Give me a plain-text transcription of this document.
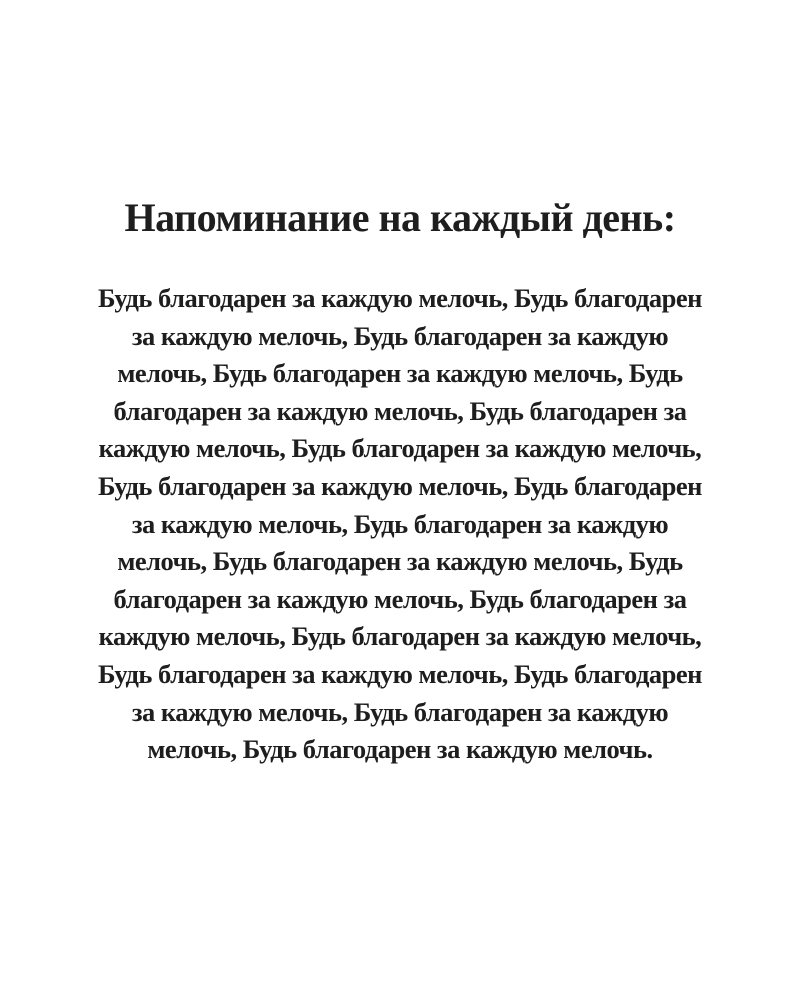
Напоминание на каждый день:
Будь благодарен за каждую мелочь, Будь благодарен
за каждую мелочь, Будь благодарен за каждую
мелочь, Будь благодарен за каждую мелочь, Будь
благодарен за каждую мелочь, Будь благодарен за
каждую мелочь, Будь благодарен за каждую мелочь,
Будь благодарен за каждую мелочь, Будь благодарен
за каждую мелочь, Будь благодарен за каждую
мелочь, Будь благодарен за каждую мелочь, Будь
благодарен за каждую мелочь, Будь благодарен за
каждую мелочь, Будь благодарен за каждую мелочь,
Будь благодарен за каждую мелочь, Будь благодарен
за каждую мелочь, Будь благодарен за каждую
мелочь, Будь благодарен за каждую мелочь.
